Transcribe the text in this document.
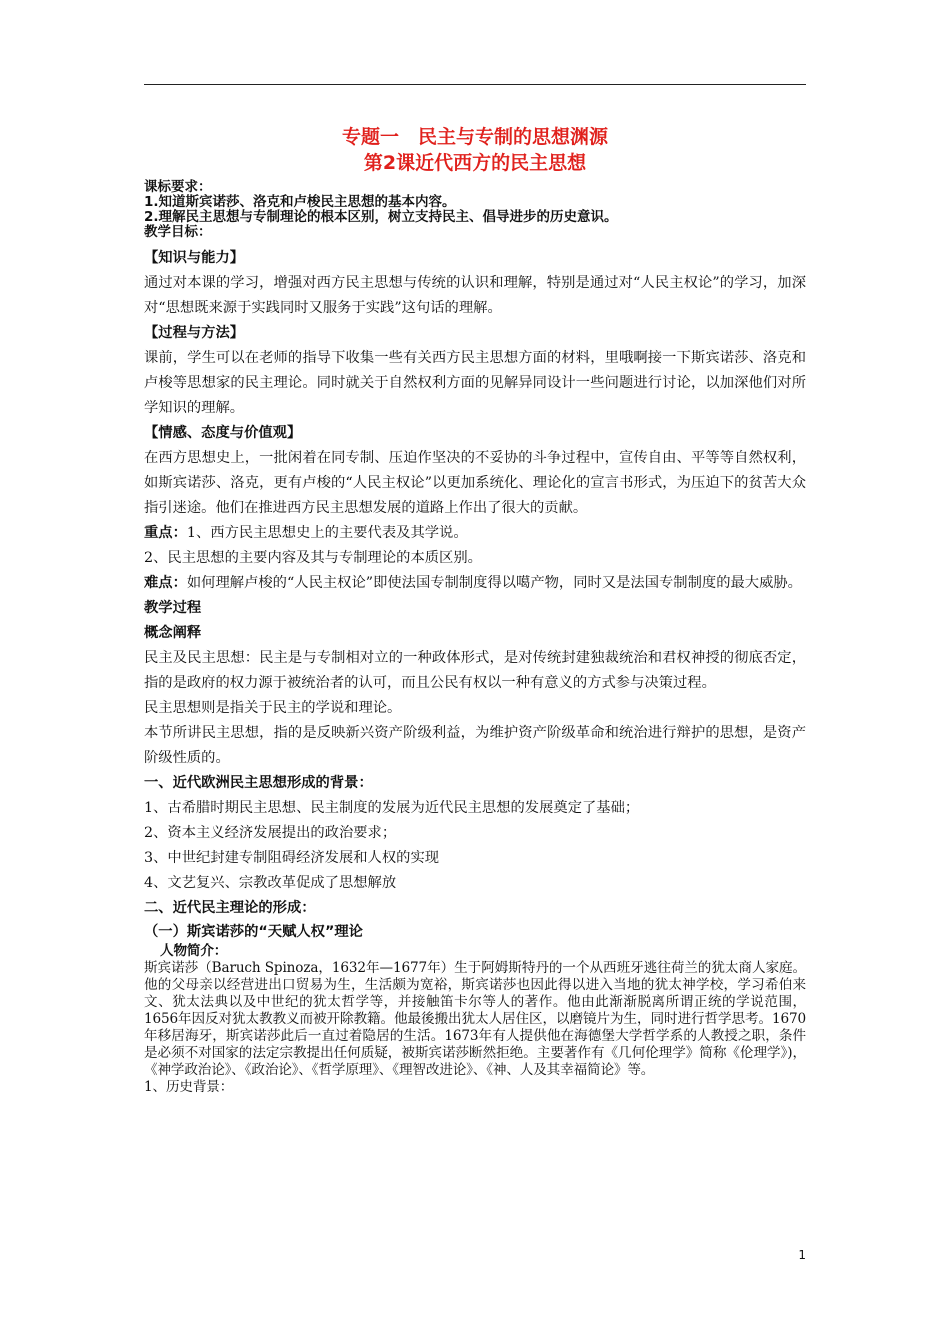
专题一　民主与专制的思想渊源
第2课近代西方的民主思想
课标要求：
1.知道斯宾诺莎、洛克和卢梭民主思想的基本内容。
2.理解民主思想与专制理论的根本区别，树立支持民主、倡导进步的历史意识。
教学目标：

【知识与能力】

通过对本课的学习，增强对西方民主思想与传统的认识和理解，特别是通过对“人民主权论”的学习，加深对“思想既来源于实践同时又服务于实践”这句话的理解。

【过程与方法】

课前，学生可以在老师的指导下收集一些有关西方民主思想方面的材料，里哦啊接一下斯宾诺莎、洛克和卢梭等思想家的民主理论。同时就关于自然权利方面的见解异同设计一些问题进行讨论，以加深他们对所学知识的理解。

【情感、态度与价值观】

在西方思想史上，一批闲着在同专制、压迫作坚决的不妥协的斗争过程中，宣传自由、平等等自然权利，如斯宾诺莎、洛克，更有卢梭的“人民主权论”以更加系统化、理论化的宣言书形式，为压迫下的贫苦大众指引迷途。他们在推进西方民主思想发展的道路上作出了很大的贡献。

重点：1、西方民主思想史上的主要代表及其学说。

2、民主思想的主要内容及其与专制理论的本质区别。

难点：如何理解卢梭的“人民主权论”即使法国专制制度得以噶产物，同时又是法国专制制度的最大威胁。

教学过程

概念阐释

民主及民主思想：民主是与专制相对立的一种政体形式，是对传统封建独裁统治和君权神授的彻底否定，指的是政府的权力源于被统治者的认可，而且公民有权以一种有意义的方式参与决策过程。

民主思想则是指关于民主的学说和理论。

本节所讲民主思想，指的是反映新兴资产阶级利益，为维护资产阶级革命和统治进行辩护的思想，是资产阶级性质的。

一、近代欧洲民主思想形成的背景：

1、古希腊时期民主思想、民主制度的发展为近代民主思想的发展奠定了基础；

2、资本主义经济发展提出的政治要求；

3、中世纪封建专制阻碍经济发展和人权的实现

4、文艺复兴、宗教改革促成了思想解放

二、近代民主理论的形成：

（一）斯宾诺莎的“天赋人权”理论

人物简介：

斯宾诺莎（Baruch Spinoza，1632年—1677年）生于阿姆斯特丹的一个从西班牙逃往荷兰的犹太商人家庭。他的父母亲以经营进出口贸易为生，生活颇为宽裕，斯宾诺莎也因此得以进入当地的犹太神学校，学习希伯来文、犹太法典以及中世纪的犹太哲学等，并接触笛卡尔等人的著作。他由此渐渐脱离所谓正统的学说范围，1656年因反对犹太教教义而被开除教籍。他最後搬出犹太人居住区，以磨镜片为生，同时进行哲学思考。1670年移居海牙，斯宾诺莎此后一直过着隐居的生活。1673年有人提供他在海德堡大学哲学系的人教授之职，条件是必须不对国家的法定宗教提出任何质疑，被斯宾诺莎断然拒绝。主要著作有《几何伦理学》简称《伦理学》)，《神学政治论》、《政治论》、《哲学原理》、《理智改进论》、《神、人及其幸福简论》等。

1、历史背景：

1
